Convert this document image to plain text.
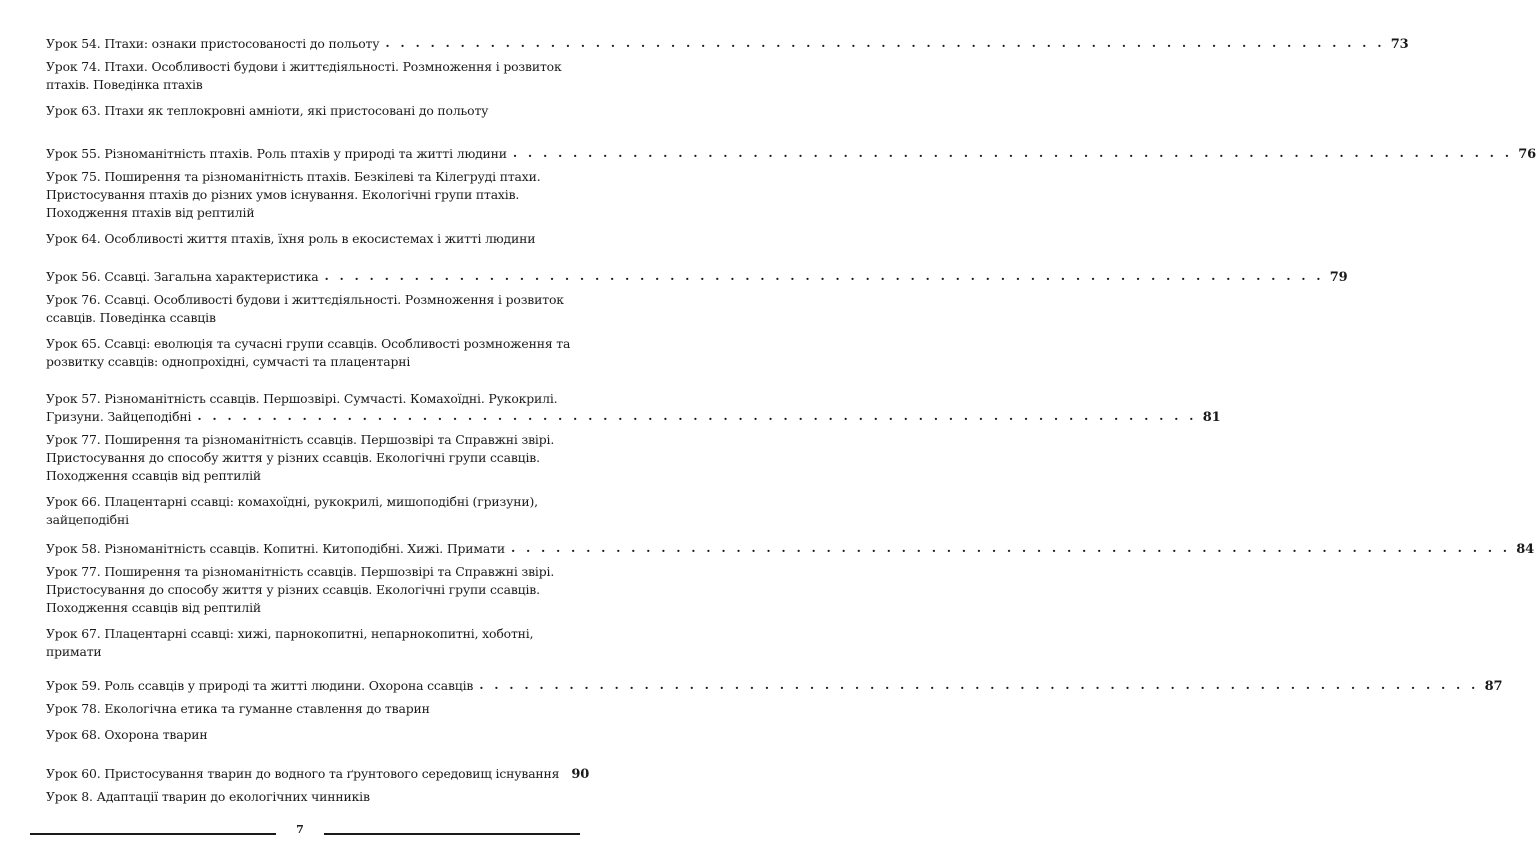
Урок 54. Птахи: ознаки пристосованості до польоту . . . . . . . . . . . . . . . . . . . . . . . . . . . . . . . . . . . . . . . . . . . . . . . . . . . . . . . . . . . . . . . . . . . 73
Урок 74. Птахи. Особливості будови і життєдіяльності. Розмноження і розвиток
птахів. Поведінка птахів
Урок 63. Птахи як теплокровні амніоти, які пристосовані до польоту
Урок 55. Різноманітність птахів. Роль птахів у природі та житті людини . . . . . . . . . . . . . . . . . . . . . . . . . . . . . . . . . . . . . . . . . . . . . . . . . . . . . . . . . . . . . . . . . . . 76
Урок 75. Поширення та різноманітність птахів. Безкілеві та Кілегруді птахи.
Пристосування птахів до різних умов існування. Екологічні групи птахів.
Походження птахів від рептилій
Урок 64. Особливості життя птахів, їхня роль в екосистемах і житті людини
Урок 56. Ссавці. Загальна характеристика . . . . . . . . . . . . . . . . . . . . . . . . . . . . . . . . . . . . . . . . . . . . . . . . . . . . . . . . . . . . . . . . . . . 79
Урок 76. Ссавці. Особливості будови і життєдіяльності. Розмноження і розвиток
ссавців. Поведінка ссавців
Урок 65. Ссавці: еволюція та сучасні групи ссавців. Особливості розмноження та
розвитку ссавців: однопрохідні, сумчасті та плацентарні
Урок 57. Різноманітність ссавців. Першозвірі. Сумчасті. Комахоїдні. Рукокрилі.
Гризуни. Зайцеподібні . . . . . . . . . . . . . . . . . . . . . . . . . . . . . . . . . . . . . . . . . . . . . . . . . . . . . . . . . . . . . . . . . . . 81
Урок 77. Поширення та різноманітність ссавців. Першозвірі та Справжні звірі.
Пристосування до способу життя у різних ссавців. Екологічні групи ссавців.
Походження ссавців від рептилій
Урок 66. Плацентарні ссавці: комахоїдні, рукокрилі, мишоподібні (гризуни),
зайцеподібні
Урок 58. Різноманітність ссавців. Копитні. Китоподібні. Хижі. Примати . . . . . . . . . . . . . . . . . . . . . . . . . . . . . . . . . . . . . . . . . . . . . . . . . . . . . . . . . . . . . . . . . . . 84
Урок 77. Поширення та різноманітність ссавців. Першозвірі та Справжні звірі.
Пристосування до способу життя у різних ссавців. Екологічні групи ссавців.
Походження ссавців від рептилій
Урок 67. Плацентарні ссавці: хижі, парнокопитні, непарнокопитні, хоботні,
примати
Урок 59. Роль ссавців у природі та житті людини. Охорона ссавців . . . . . . . . . . . . . . . . . . . . . . . . . . . . . . . . . . . . . . . . . . . . . . . . . . . . . . . . . . . . . . . . . . . 87
Урок 78. Екологічна етика та гуманне ставлення до тварин
Урок 68. Охорона тварин
Урок 60. Пристосування тварин до водного та ґрунтового середовищ існування 90
Урок 8. Адаптації тварин до екологічних чинників
7
